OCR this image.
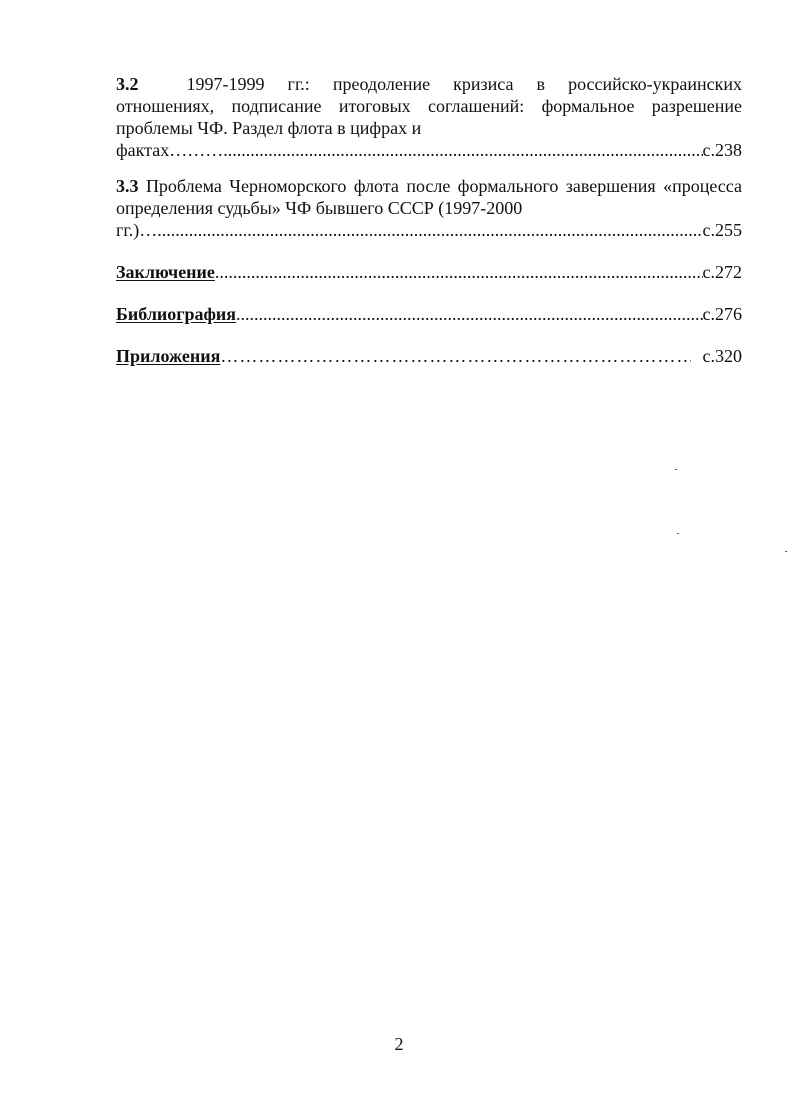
3.2	1997-1999 гг.: преодоление кризиса в российско-украинских отношениях, подписание итоговых соглашений: формальное разрешение проблемы ЧФ. Раздел флота в цифрах и

фактах……… .....	с.238

3.3 Проблема Черноморского флота после формального завершения «процесса определения судьбы» ЧФ бывшего СССР (1997-2000

гг.)… .....	с.255
Заключение .....	с.272
Библиография .....	с.276
Приложения ………………………………………………………………………………………………………………………	с.320
2
